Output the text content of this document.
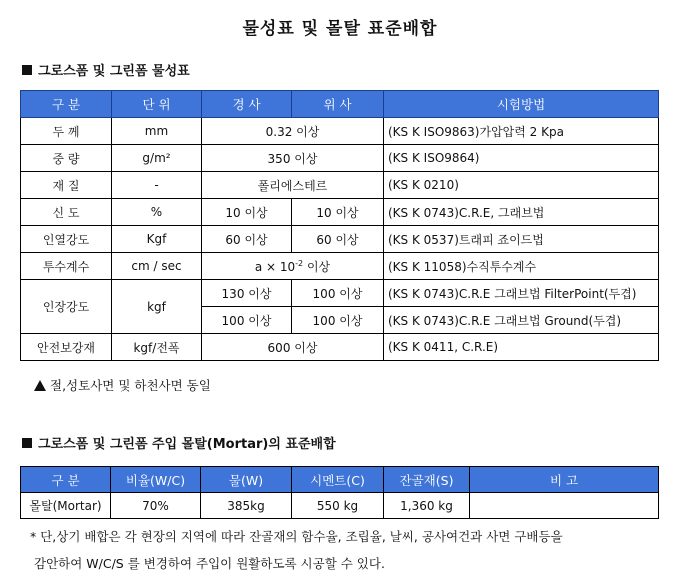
물성표 및 몰탈 표준배합
그로스폼 및 그린폼 물성표
구 분	단 위	경 사	위 사	시험방법
두 께	mm	0.32 이상		(KS K ISO9863)가압압력 2 Kpa
중 량	g/m²	350 이상		(KS K ISO9864)
재 질	-	폴리에스테르		(KS K 0210)
신 도	%	10 이상	10 이상	(KS K 0743)C.R.E, 그래브법
인열강도	Kgf	60 이상	60 이상	(KS K 0537)트래피 죠이드법
투수계수	cm / sec	$a \times 10^{-2}$ 이상		(KS K 11058)수직투수계수
인장강도	kgf	130 이상	100 이상	(KS K 0743)C.R.E 그래브법 FilterPoint(두겹)
		100 이상	100 이상	(KS K 0743)C.R.E 그래브법 Ground(두겹)
안전보강재	kgf/전폭	600 이상		(KS K 0411, C.R.E)
절,성토사면 및 하천사면 동일
그로스폼 및 그린폼 주입 몰탈(Mortar)의 표준배합
구 분	비율(W/C)	물(W)	시멘트(C)	잔골재(S)	비 고
몰탈(Mortar)	70%	385kg	550 kg	1,360 kg	
* 단,상기 배합은 각 현장의 지역에 따라 잔골재의 함수율, 조립율, 날씨, 공사여건과 사면 구배등을
감안하여 W/C/S 를 변경하여 주입이 원활하도록 시공할 수 있다.
